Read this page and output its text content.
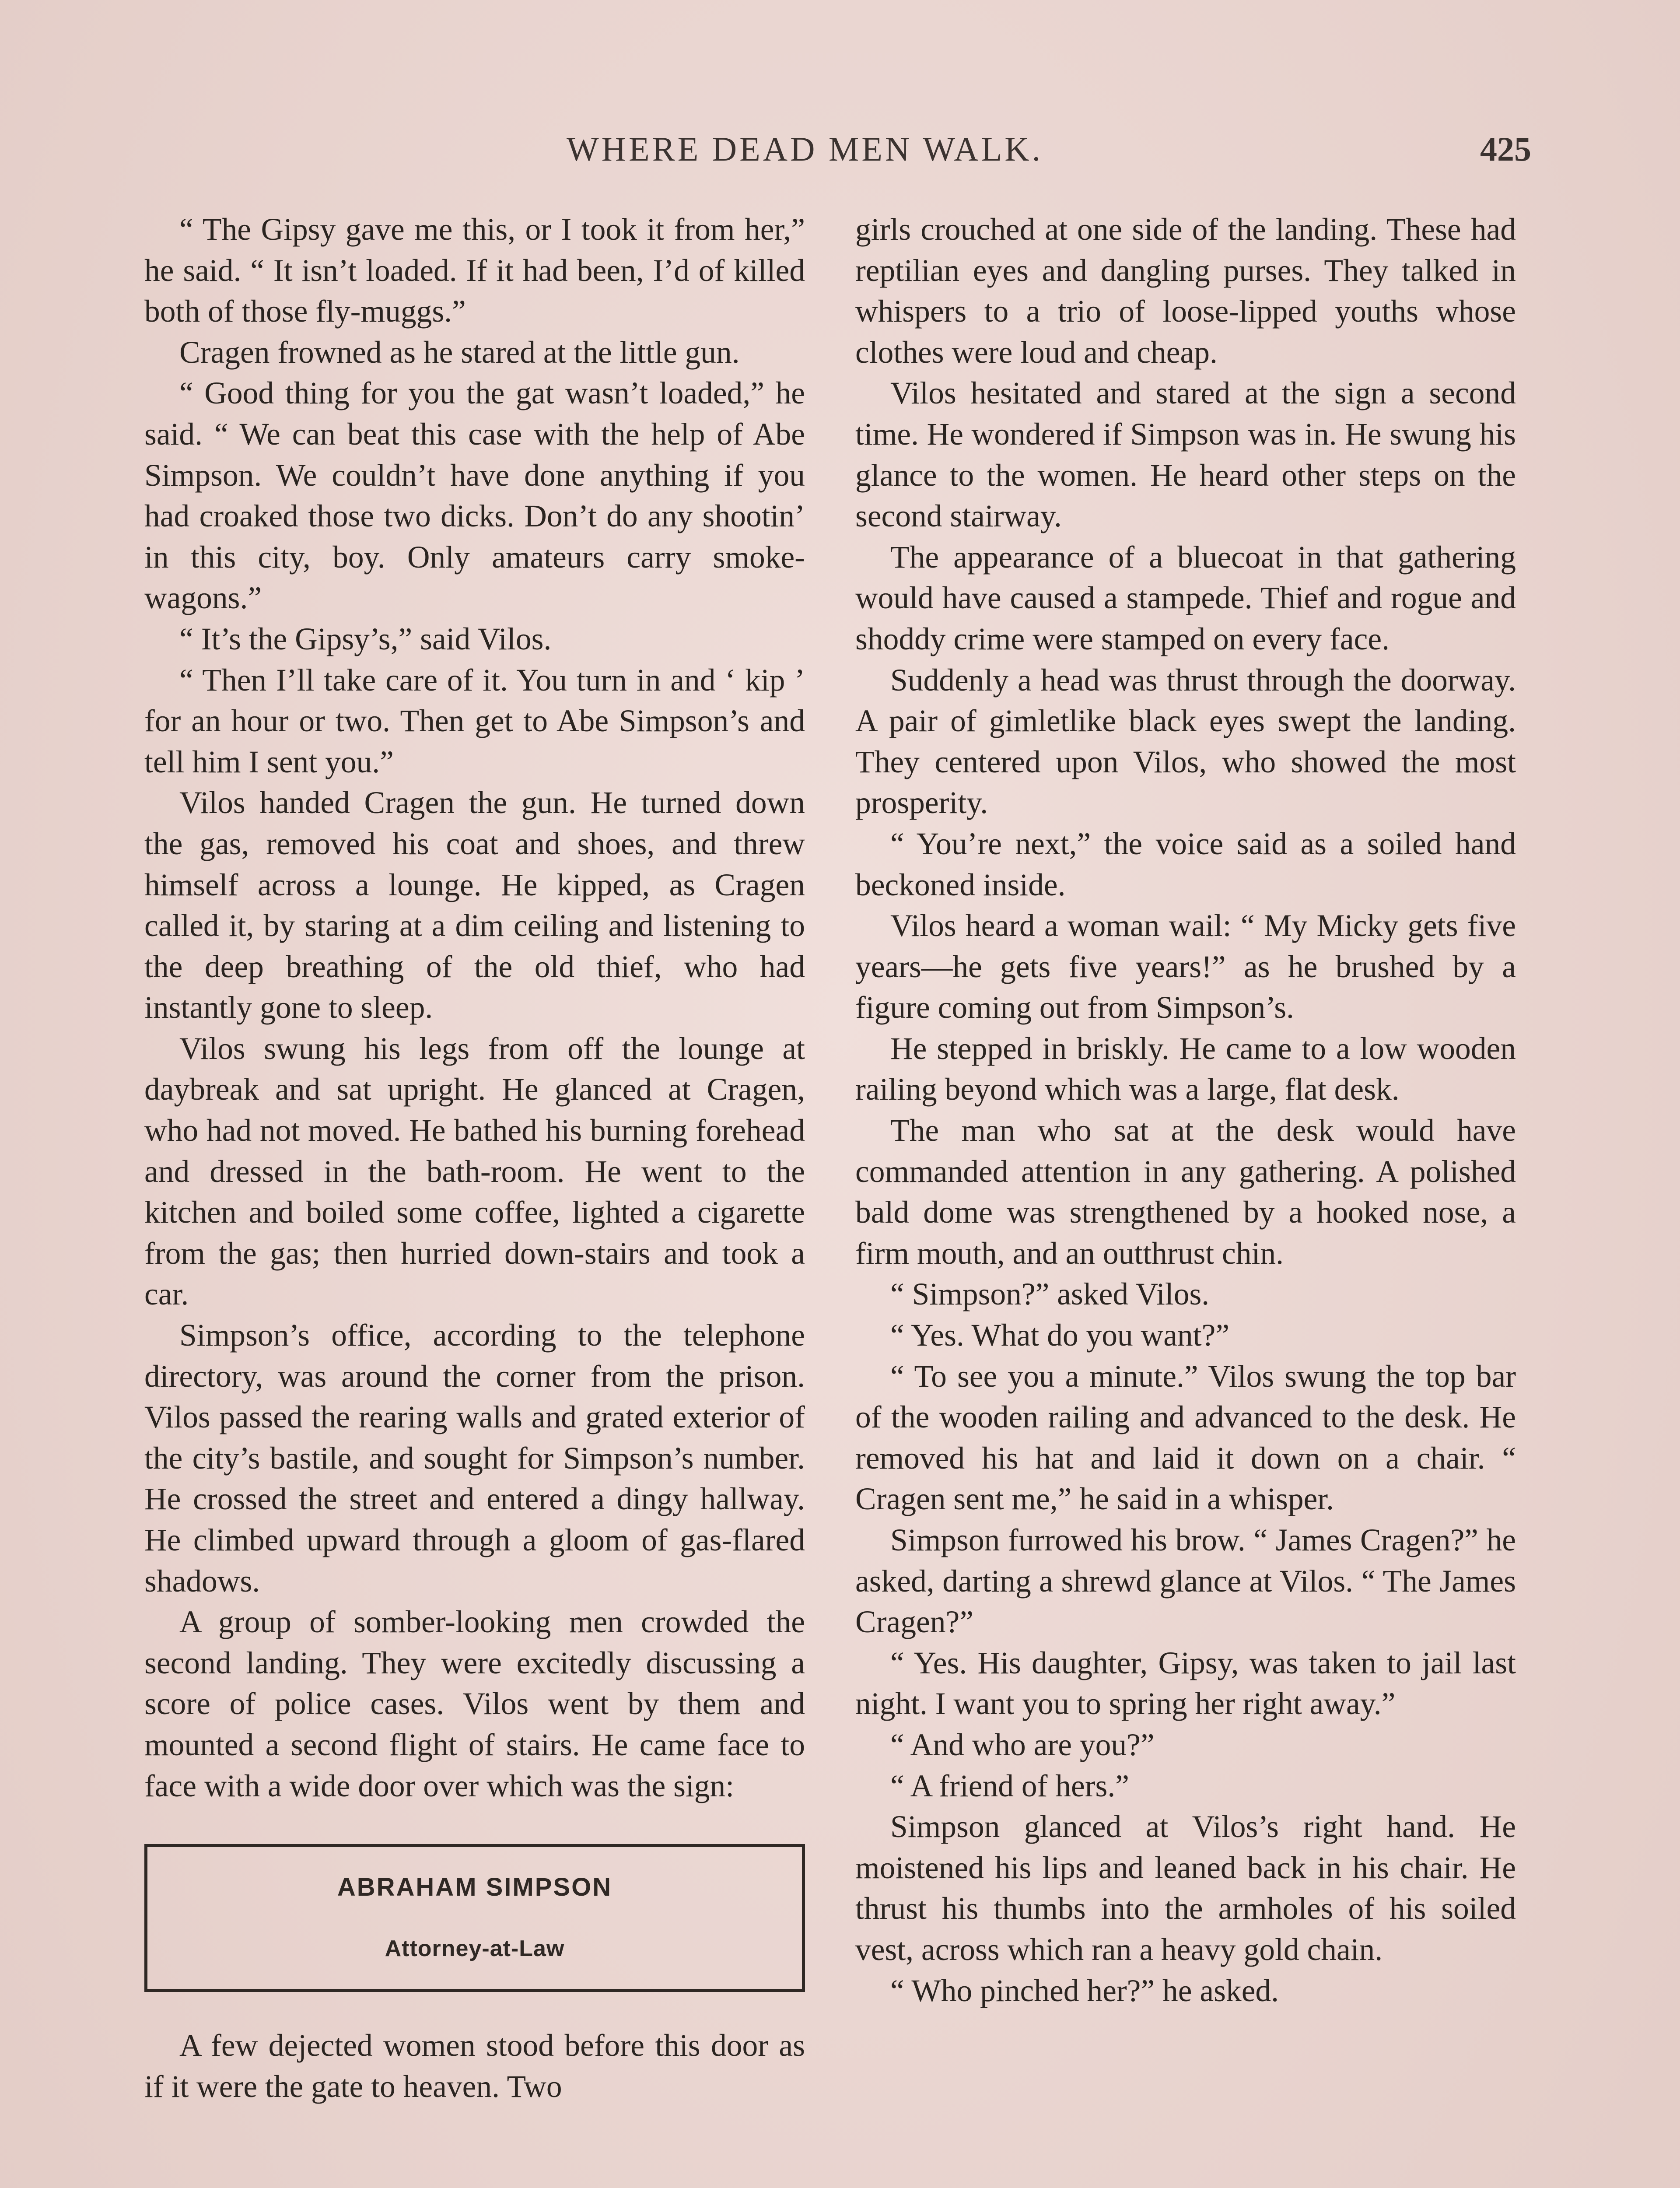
WHERE DEAD MEN WALK.	425

“ The Gipsy gave me this, or I took it from her,” he said. “ It isn’t loaded. If it had been, I’d of killed both of those fly-muggs.”

Cragen frowned as he stared at the little gun.

“ Good thing for you the gat wasn’t loaded,” he said. “ We can beat this case with the help of Abe Simpson. We couldn’t have done anything if you had croaked those two dicks. Don’t do any shootin’ in this city, boy. Only amateurs carry smoke-wagons.”

“ It’s the Gipsy’s,” said Vilos.

“ Then I’ll take care of it. You turn in and ‘ kip ’ for an hour or two. Then get to Abe Simpson’s and tell him I sent you.”

Vilos handed Cragen the gun. He turned down the gas, removed his coat and shoes, and threw himself across a lounge. He kipped, as Cragen called it, by staring at a dim ceiling and listening to the deep breathing of the old thief, who had instantly gone to sleep.

Vilos swung his legs from off the lounge at daybreak and sat upright. He glanced at Cragen, who had not moved. He bathed his burning forehead and dressed in the bath-room. He went to the kitchen and boiled some coffee, lighted a cigarette from the gas; then hurried down-stairs and took a car.

Simpson’s office, according to the telephone directory, was around the corner from the prison. Vilos passed the rearing walls and grated exterior of the city’s bastile, and sought for Simpson’s number. He crossed the street and entered a dingy hallway. He climbed upward through a gloom of gas-flared shadows.

A group of somber-looking men crowded the second landing. They were excitedly discussing a score of police cases. Vilos went by them and mounted a second flight of stairs. He came face to face with a wide door over which was the sign:

ABRAHAM SIMPSON
Attorney-at-Law

A few dejected women stood before this door as if it were the gate to heaven. Two

girls crouched at one side of the landing. These had reptilian eyes and dangling purses. They talked in whispers to a trio of loose-lipped youths whose clothes were loud and cheap.

Vilos hesitated and stared at the sign a second time. He wondered if Simpson was in. He swung his glance to the women. He heard other steps on the second stairway.

The appearance of a bluecoat in that gathering would have caused a stampede. Thief and rogue and shoddy crime were stamped on every face.

Suddenly a head was thrust through the doorway. A pair of gimletlike black eyes swept the landing. They centered upon Vilos, who showed the most prosperity.

“ You’re next,” the voice said as a soiled hand beckoned inside.

Vilos heard a woman wail: “ My Micky gets five years—he gets five years!” as he brushed by a figure coming out from Simpson’s.

He stepped in briskly. He came to a low wooden railing beyond which was a large, flat desk.

The man who sat at the desk would have commanded attention in any gathering. A polished bald dome was strengthened by a hooked nose, a firm mouth, and an outthrust chin.

“ Simpson?” asked Vilos.

“ Yes. What do you want?”

“ To see you a minute.” Vilos swung the top bar of the wooden railing and advanced to the desk. He removed his hat and laid it down on a chair. “ Cragen sent me,” he said in a whisper.

Simpson furrowed his brow. “ James Cragen?” he asked, darting a shrewd glance at Vilos. “ The James Cragen?”

“ Yes. His daughter, Gipsy, was taken to jail last night. I want you to spring her right away.”

“ And who are you?”

“ A friend of hers.”

Simpson glanced at Vilos’s right hand. He moistened his lips and leaned back in his chair. He thrust his thumbs into the armholes of his soiled vest, across which ran a heavy gold chain.

“ Who pinched her?” he asked.
